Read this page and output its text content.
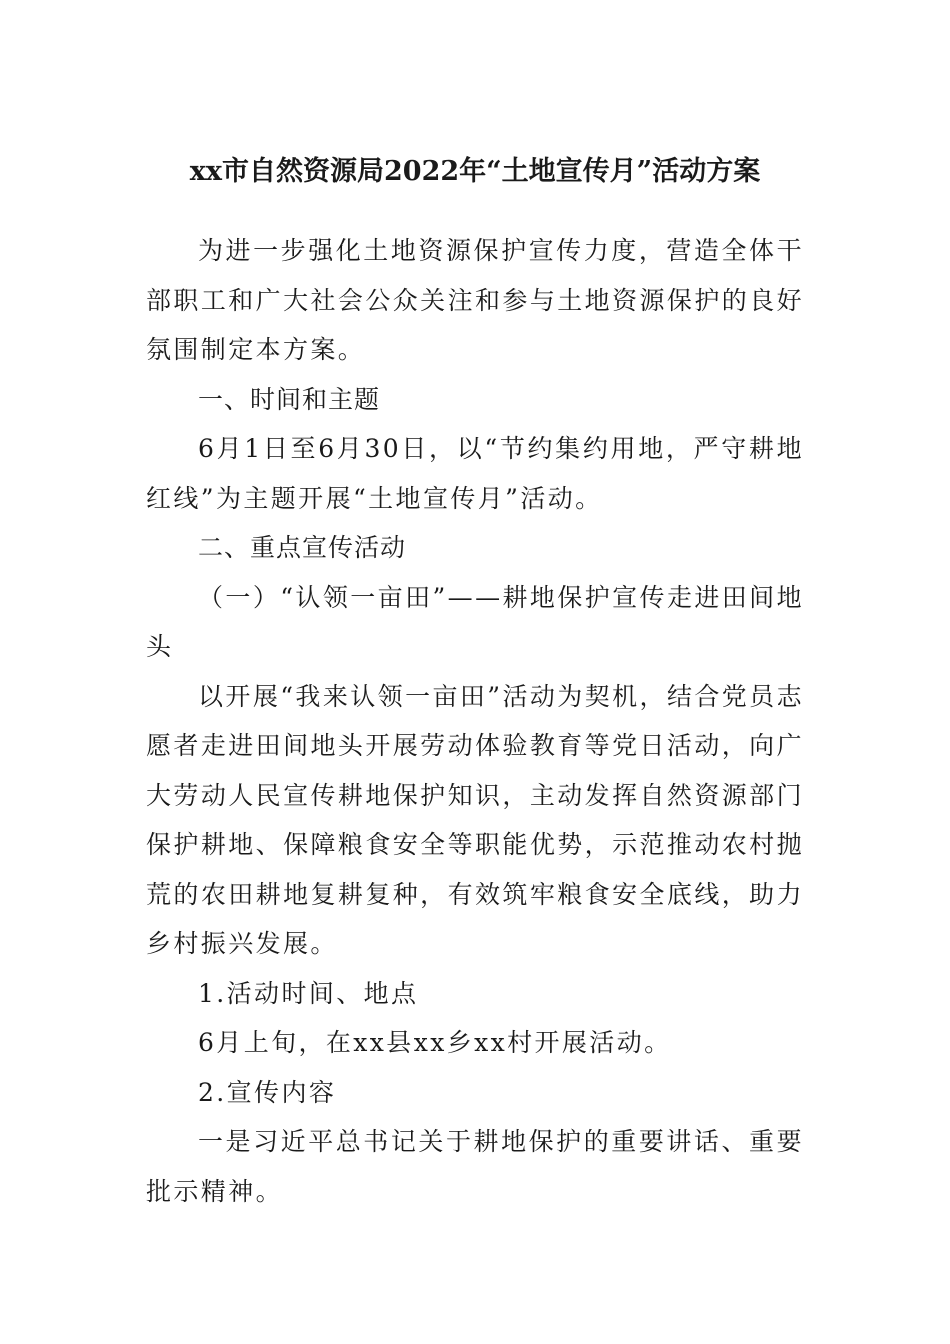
xx市自然资源局2022年“土地宣传月”活动方案

为进一步强化土地资源保护宣传力度，营造全体干部职工和广大社会公众关注和参与土地资源保护的良好氛围制定本方案。

一、时间和主题

6月1日至6月30日，以“节约集约用地，严守耕地红线”为主题开展“土地宣传月”活动。

二、重点宣传活动

（一）“认领一亩田”——耕地保护宣传走进田间地头

以开展“我来认领一亩田”活动为契机，结合党员志愿者走进田间地头开展劳动体验教育等党日活动，向广大劳动人民宣传耕地保护知识，主动发挥自然资源部门保护耕地、保障粮食安全等职能优势，示范推动农村抛荒的农田耕地复耕复种，有效筑牢粮食安全底线，助力乡村振兴发展。

1.活动时间、地点

6月上旬，在xx县xx乡xx村开展活动。

2.宣传内容

一是习近平总书记关于耕地保护的重要讲话、重要批示精神。
